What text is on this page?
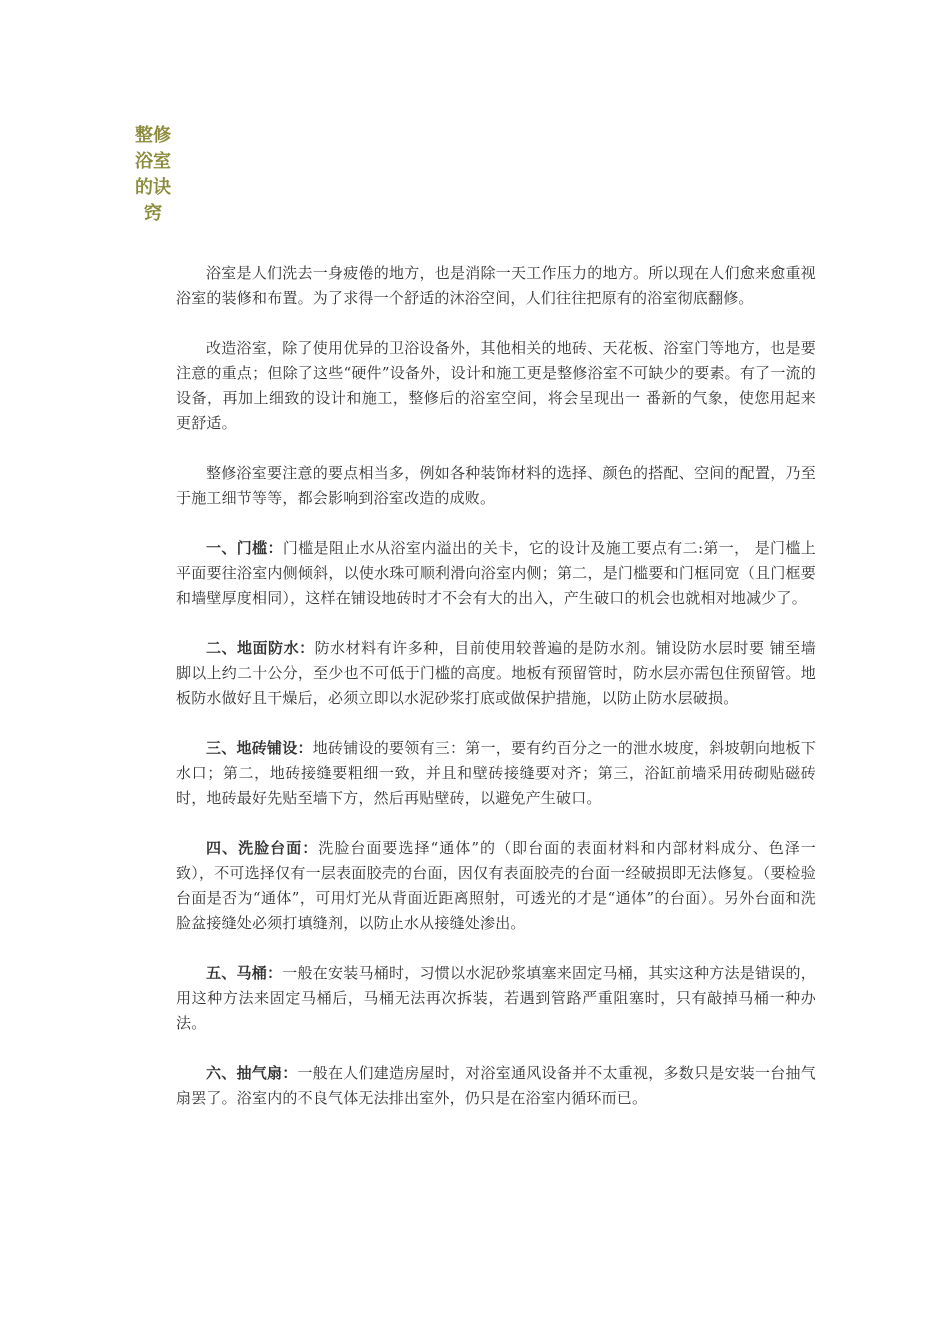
整修
浴室
的诀
窍

浴室是人们洗去一身疲倦的地方，也是消除一天工作压力的地方。所以现在人们愈来愈重视浴室的装修和布置。为了求得一个舒适的沐浴空间，人们往往把原有的浴室彻底翻修。

改造浴室，除了使用优异的卫浴设备外，其他相关的地砖、天花板、浴室门等地方，也是要注意的重点；但除了这些“硬件”设备外，设计和施工更是整修浴室不可缺少的要素。有了一流的设备，再加上细致的设计和施工，整修后的浴室空间，将会呈现出一 番新的气象，使您用起来更舒适。

整修浴室要注意的要点相当多，例如各种装饰材料的选择、颜色的搭配、空间的配置，乃至于施工细节等等，都会影响到浴室改造的成败。

一、门槛：门槛是阻止水从浴室内溢出的关卡，它的设计及施工要点有二:第一， 是门槛上平面要往浴室内侧倾斜，以使水珠可顺利滑向浴室内侧；第二，是门槛要和门框同宽（且门框要和墙壁厚度相同），这样在铺设地砖时才不会有大的出入，产生破口的机会也就相对地减少了。

二、地面防水：防水材料有许多种，目前使用较普遍的是防水剂。铺设防水层时要 铺至墙脚以上约二十公分，至少也不可低于门槛的高度。地板有预留管时，防水层亦需包住预留管。地板防水做好且干燥后，必须立即以水泥砂浆打底或做保护措施，以防止防水层破损。

三、地砖铺设：地砖铺设的要领有三：第一，要有约百分之一的泄水坡度，斜坡朝向地板下水口；第二，地砖接缝要粗细一致，并且和壁砖接缝要对齐；第三，浴缸前墙采用砖砌贴磁砖时，地砖最好先贴至墙下方，然后再贴壁砖，以避免产生破口。

四、洗脸台面：洗脸台面要选择“通体”的（即台面的表面材料和内部材料成分、色泽一致），不可选择仅有一层表面胶壳的台面，因仅有表面胶壳的台面一经破损即无法修复。（要检验台面是否为“通体”，可用灯光从背面近距离照射，可透光的才是“通体”的台面）。另外台面和洗脸盆接缝处必须打填缝剂，以防止水从接缝处渗出。

五、马桶：一般在安装马桶时，习惯以水泥砂浆填塞来固定马桶，其实这种方法是错误的，用这种方法来固定马桶后，马桶无法再次拆装，若遇到管路严重阻塞时，只有敲掉马桶一种办法。

六、抽气扇：一般在人们建造房屋时，对浴室通风设备并不太重视，多数只是安装一台抽气扇罢了。浴室内的不良气体无法排出室外，仍只是在浴室内循环而已。
